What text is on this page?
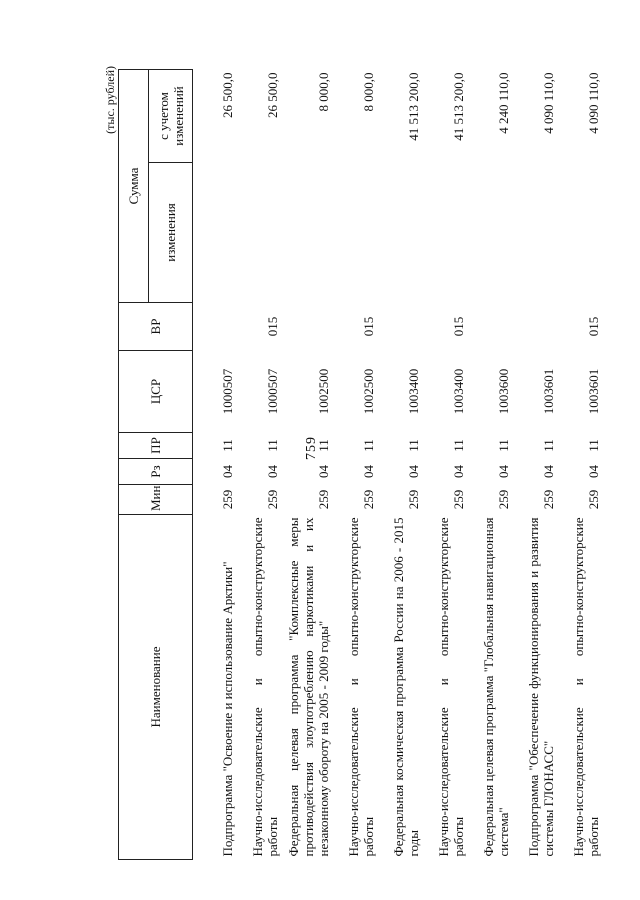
759
(тыс. рублей)
Наименование	Мин	Рз	ПР	ЦСР	ВР	Сумма	
						изменения	с учетом изменений
Подпрограмма "Освоение и использование Арктики"	259	04	11	1000507			26 500,0
Научно-исследовательские и опытно-конструкторские работы	259	04	11	1000507	015		26 500,0
Федеральная целевая программа "Комплексные меры противодействия злоупотреблению наркотиками и их незаконному обороту на 2005 - 2009 годы"	259	04	11	1002500			8 000,0
Научно-исследовательские и опытно-конструкторские работы	259	04	11	1002500	015		8 000,0
Федеральная космическая программа России на 2006 - 2015 годы	259	04	11	1003400			41 513 200,0
Научно-исследовательские и опытно-конструкторские работы	259	04	11	1003400	015		41 513 200,0
Федеральная целевая программа "Глобальная навигационная система"	259	04	11	1003600			4 240 110,0
Подпрограмма "Обеспечение функционирования и развития системы ГЛОНАСС"	259	04	11	1003601			4 090 110,0
Научно-исследовательские и опытно-конструкторские работы	259	04	11	1003601	015		4 090 110,0
